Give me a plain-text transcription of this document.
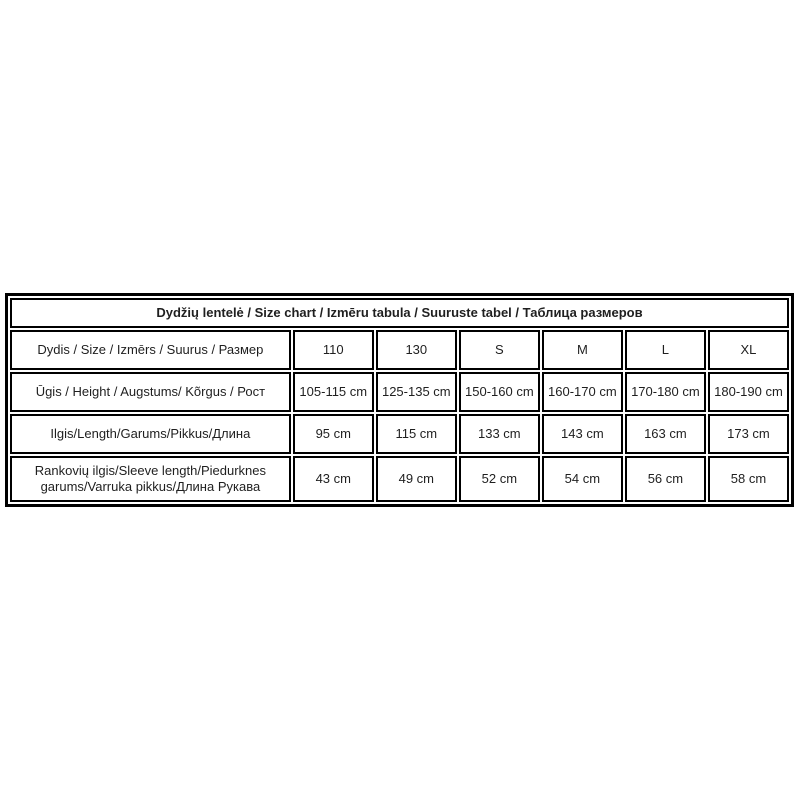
Dydžių lentelė / Size chart / Izmēru tabula / Suuruste tabel / Таблица размеров						
Dydis / Size / Izmērs / Suurus / Размер	110	130	S	M	L	XL
Ūgis / Height / Augstums/ Kõrgus / Рост	105-115 cm	125-135 cm	150-160 cm	160-170 cm	170-180 cm	180-190 cm
Ilgis/Length/Garums/Pikkus/Длина	95 cm	115 cm	133 cm	143 cm	163 cm	173 cm
Rankovių ilgis/Sleeve length/Piedurknes garums/Varruka pikkus/Длина Рукава	43 cm	49 cm	52 cm	54 cm	56 cm	58 cm
